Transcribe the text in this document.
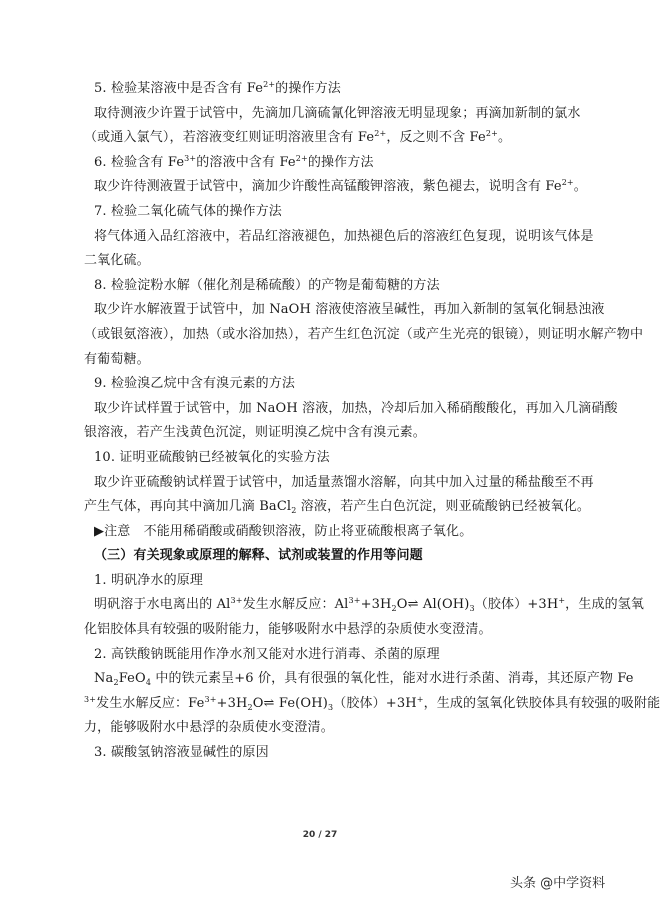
5. 检验某溶液中是否含有 $Fe^{2+}$的操作方法
取待测液少许置于试管中，先滴加几滴硫氰化钾溶液无明显现象；再滴加新制的氯水
（或通入氯气），若溶液变红则证明溶液里含有 $Fe^{2+}$，反之则不含 $Fe^{2+}$。
6. 检验含有 $Fe^{3+}$的溶液中含有 $Fe^{2+}$的操作方法
取少许待测液置于试管中，滴加少许酸性高锰酸钾溶液，紫色褪去，说明含有 $Fe^{2+}$。
7. 检验二氧化硫气体的操作方法
将气体通入品红溶液中，若品红溶液褪色，加热褪色后的溶液红色复现，说明该气体是
二氧化硫。
8. 检验淀粉水解（催化剂是稀硫酸）的产物是葡萄糖的方法
取少许水解液置于试管中，加 NaOH 溶液使溶液呈碱性，再加入新制的氢氧化铜悬浊液
（或银氨溶液），加热（或水浴加热），若产生红色沉淀（或产生光亮的银镜），则证明水解产物中
有葡萄糖。
9. 检验溴乙烷中含有溴元素的方法
取少许试样置于试管中，加 NaOH 溶液，加热，冷却后加入稀硝酸酸化，再加入几滴硝酸
银溶液，若产生浅黄色沉淀，则证明溴乙烷中含有溴元素。
10. 证明亚硫酸钠已经被氧化的实验方法
取少许亚硫酸钠试样置于试管中，加适量蒸馏水溶解，向其中加入过量的稀盐酸至不再
产生气体，再向其中滴加几滴 BaCl$_2$ 溶液，若产生白色沉淀，则亚硫酸钠已经被氧化。
▶注意　不能用稀硝酸或硝酸钡溶液，防止将亚硫酸根离子氧化。
（三）有关现象或原理的解释、试剂或装置的作用等问题
1. 明矾净水的原理
明矾溶于水电离出的 $Al^{3+}$发生水解反应：$Al^{3+}+3H_2O\rightleftharpoons$ $Al(OH)_3$（胶体）+3H+，生成的氢氧
化铝胶体具有较强的吸附能力，能够吸附水中悬浮的杂质使水变澄清。
2. 高铁酸钠既能用作净水剂又能对水进行消毒、杀菌的原理
$Na_2FeO_4$ 中的铁元素呈+6 价，具有很强的氧化性，能对水进行杀菌、消毒，其还原产物 Fe
$^{3+}$发生水解反应：$Fe^{3+}+3H_2O\rightleftharpoons$ $Fe(OH)_3$（胶体）+3H+，生成的氢氧化铁胶体具有较强的吸附能
力，能够吸附水中悬浮的杂质使水变澄清。
3. 碳酸氢钠溶液显碱性的原因
20 / 27
头条 @中学资料
